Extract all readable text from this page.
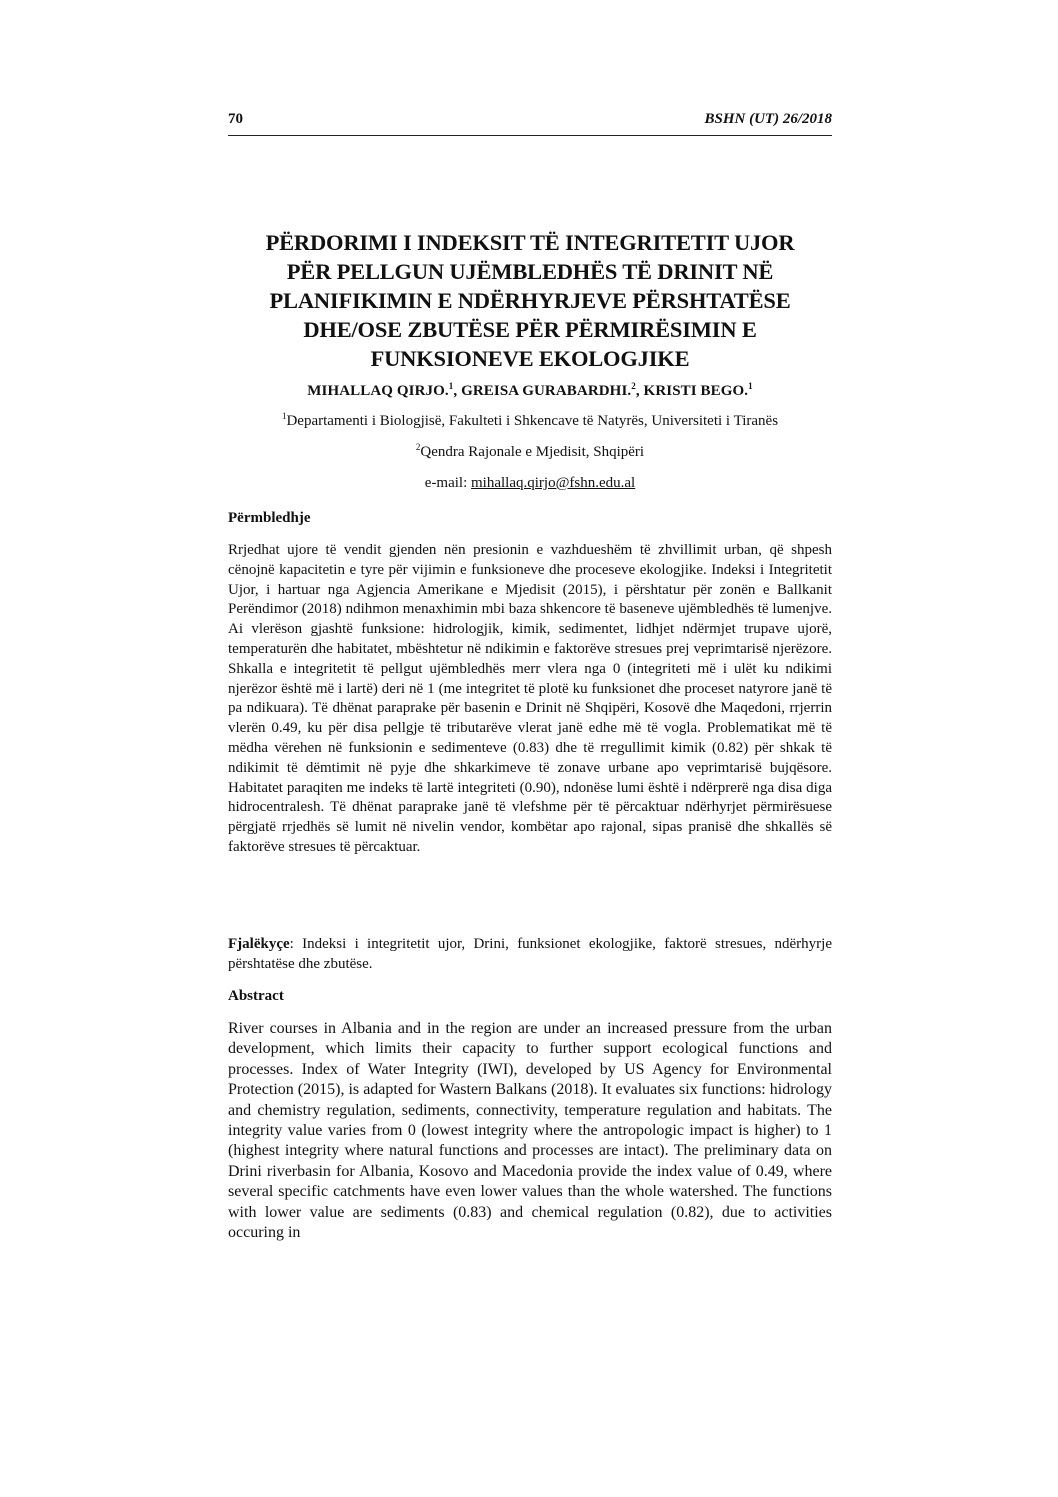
70	BSHN (UT) 26/2018
PËRDORIMI I INDEKSIT TË INTEGRITETIT UJOR
PËR PELLGUN UJËMBLEDHËS TË DRINIT NË
PLANIFIKIMIN E NDËRHYRJEVE PËRSHTATËSE
DHE/OSE ZBUTËSE PËR PËRMIRËSIMIN E
FUNKSIONEVE EKOLOGJIKE
MIHALLAQ QIRJO.$^1$, GREISA GURABARDHI.$^2$, KRISTI BEGO.$^1$
$^1$Departamenti i Biologjisë, Fakulteti i Shkencave të Natyrës, Universiteti i Tiranës
$^2$Qendra Rajonale e Mjedisit, Shqipëri
e-mail: mihallaq.qirjo@fshn.edu.al
Përmbledhje
Rrjedhat ujore të vendit gjenden nën presionin e vazhdueshëm të zhvillimit urban, që shpesh cënojnë kapacitetin e tyre për vijimin e funksioneve dhe proceseve ekologjike. Indeksi i Integritetit Ujor, i hartuar nga Agjencia Amerikane e Mjedisit (2015), i përshtatur për zonën e Ballkanit Perëndimor (2018) ndihmon menaxhimin mbi baza shkencore të baseneve ujëmbledhës të lumenjve. Ai vlerëson gjashtë funksione: hidrologjik, kimik, sedimentet, lidhjet ndërmjet trupave ujorë, temperaturën dhe habitatet, mbështetur në ndikimin e faktorëve stresues prej veprimtarisë njerëzore. Shkalla e integritetit të pellgut ujëmbledhës merr vlera nga 0 (integriteti më i ulët ku ndikimi njerëzor është më i lartë) deri në 1 (me integritet të plotë ku funksionet dhe proceset natyrore janë të pa ndikuara). Të dhënat paraprake për basenin e Drinit në Shqipëri, Kosovë dhe Maqedoni, rrjerrin vlerën 0.49, ku për disa pellgje të tributarëve vlerat janë edhe më të vogla. Problematikat më të mëdha vërehen në funksionin e sedimenteve (0.83) dhe të rregullimit kimik (0.82) për shkak të ndikimit të dëmtimit në pyje dhe shkarkimeve të zonave urbane apo veprimtarisë bujqësore. Habitatet paraqiten me indeks të lartë integriteti (0.90), ndonëse lumi është i ndërprerë nga disa diga hidrocentralesh. Të dhënat paraprake janë të vlefshme për të përcaktuar ndërhyrjet përmirësuese përgjatë rrjedhës së lumit në nivelin vendor, kombëtar apo rajonal, sipas pranisë dhe shkallës së faktorëve stresues të përcaktuar.
Fjalëkyçe: Indeksi i integritetit ujor, Drini, funksionet ekologjike, faktorë stresues, ndërhyrje përshtatëse dhe zbutëse.
Abstract
River courses in Albania and in the region are under an increased pressure from the urban development, which limits their capacity to further support ecological functions and processes. Index of Water Integrity (IWI), developed by US Agency for Environmental Protection (2015), is adapted for Wastern Balkans (2018). It evaluates six functions: hidrology and chemistry regulation, sediments, connectivity, temperature regulation and habitats. The integrity value varies from 0 (lowest integrity where the antropologic impact is higher) to 1 (highest integrity where natural functions and processes are intact). The preliminary data on Drini riverbasin for Albania, Kosovo and Macedonia provide the index value of 0.49, where several specific catchments have even lower values than the whole watershed. The functions with lower value are sediments (0.83) and chemical regulation (0.82), due to activities occuring in
